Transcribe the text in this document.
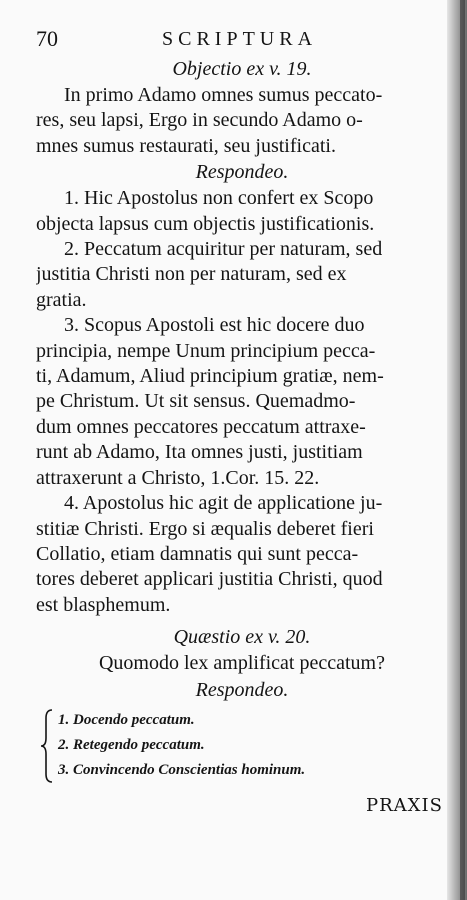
70	SCRIPTURA
Objectio ex v. 19.
In primo Adamo omnes sumus peccato-
res, seu lapsi, Ergo in secundo Adamo o-
mnes sumus restaurati, seu justificati.
Respondeo.
1. Hic Apostolus non confert ex Scopo
objecta lapsus cum objectis justificationis.
2. Peccatum acquiritur per naturam, sed
justitia Christi non per naturam, sed ex
gratia.
3. Scopus Apostoli est hic docere duo
principia, nempe Unum principium pecca-
ti, Adamum, Aliud principium gratiæ, nem-
pe Christum. Ut sit sensus. Quemadmo-
dum omnes peccatores peccatum attraxe-
runt ab Adamo, Ita omnes justi, justitiam
attraxerunt a Christo, 1.Cor. 15. 22.
4. Apostolus hic agit de applicatione ju-
stitiæ Christi. Ergo si æqualis deberet fieri
Collatio, etiam damnatis qui sunt pecca-
tores deberet applicari justitia Christi, quod
est blasphemum.
Quæstio ex v. 20.
Quomodo lex amplificat peccatum?
Respondeo.
1. Docendo peccatum.
2. Retegendo peccatum.
3. Convincendo Conscientias hominum.
PRAXIS
